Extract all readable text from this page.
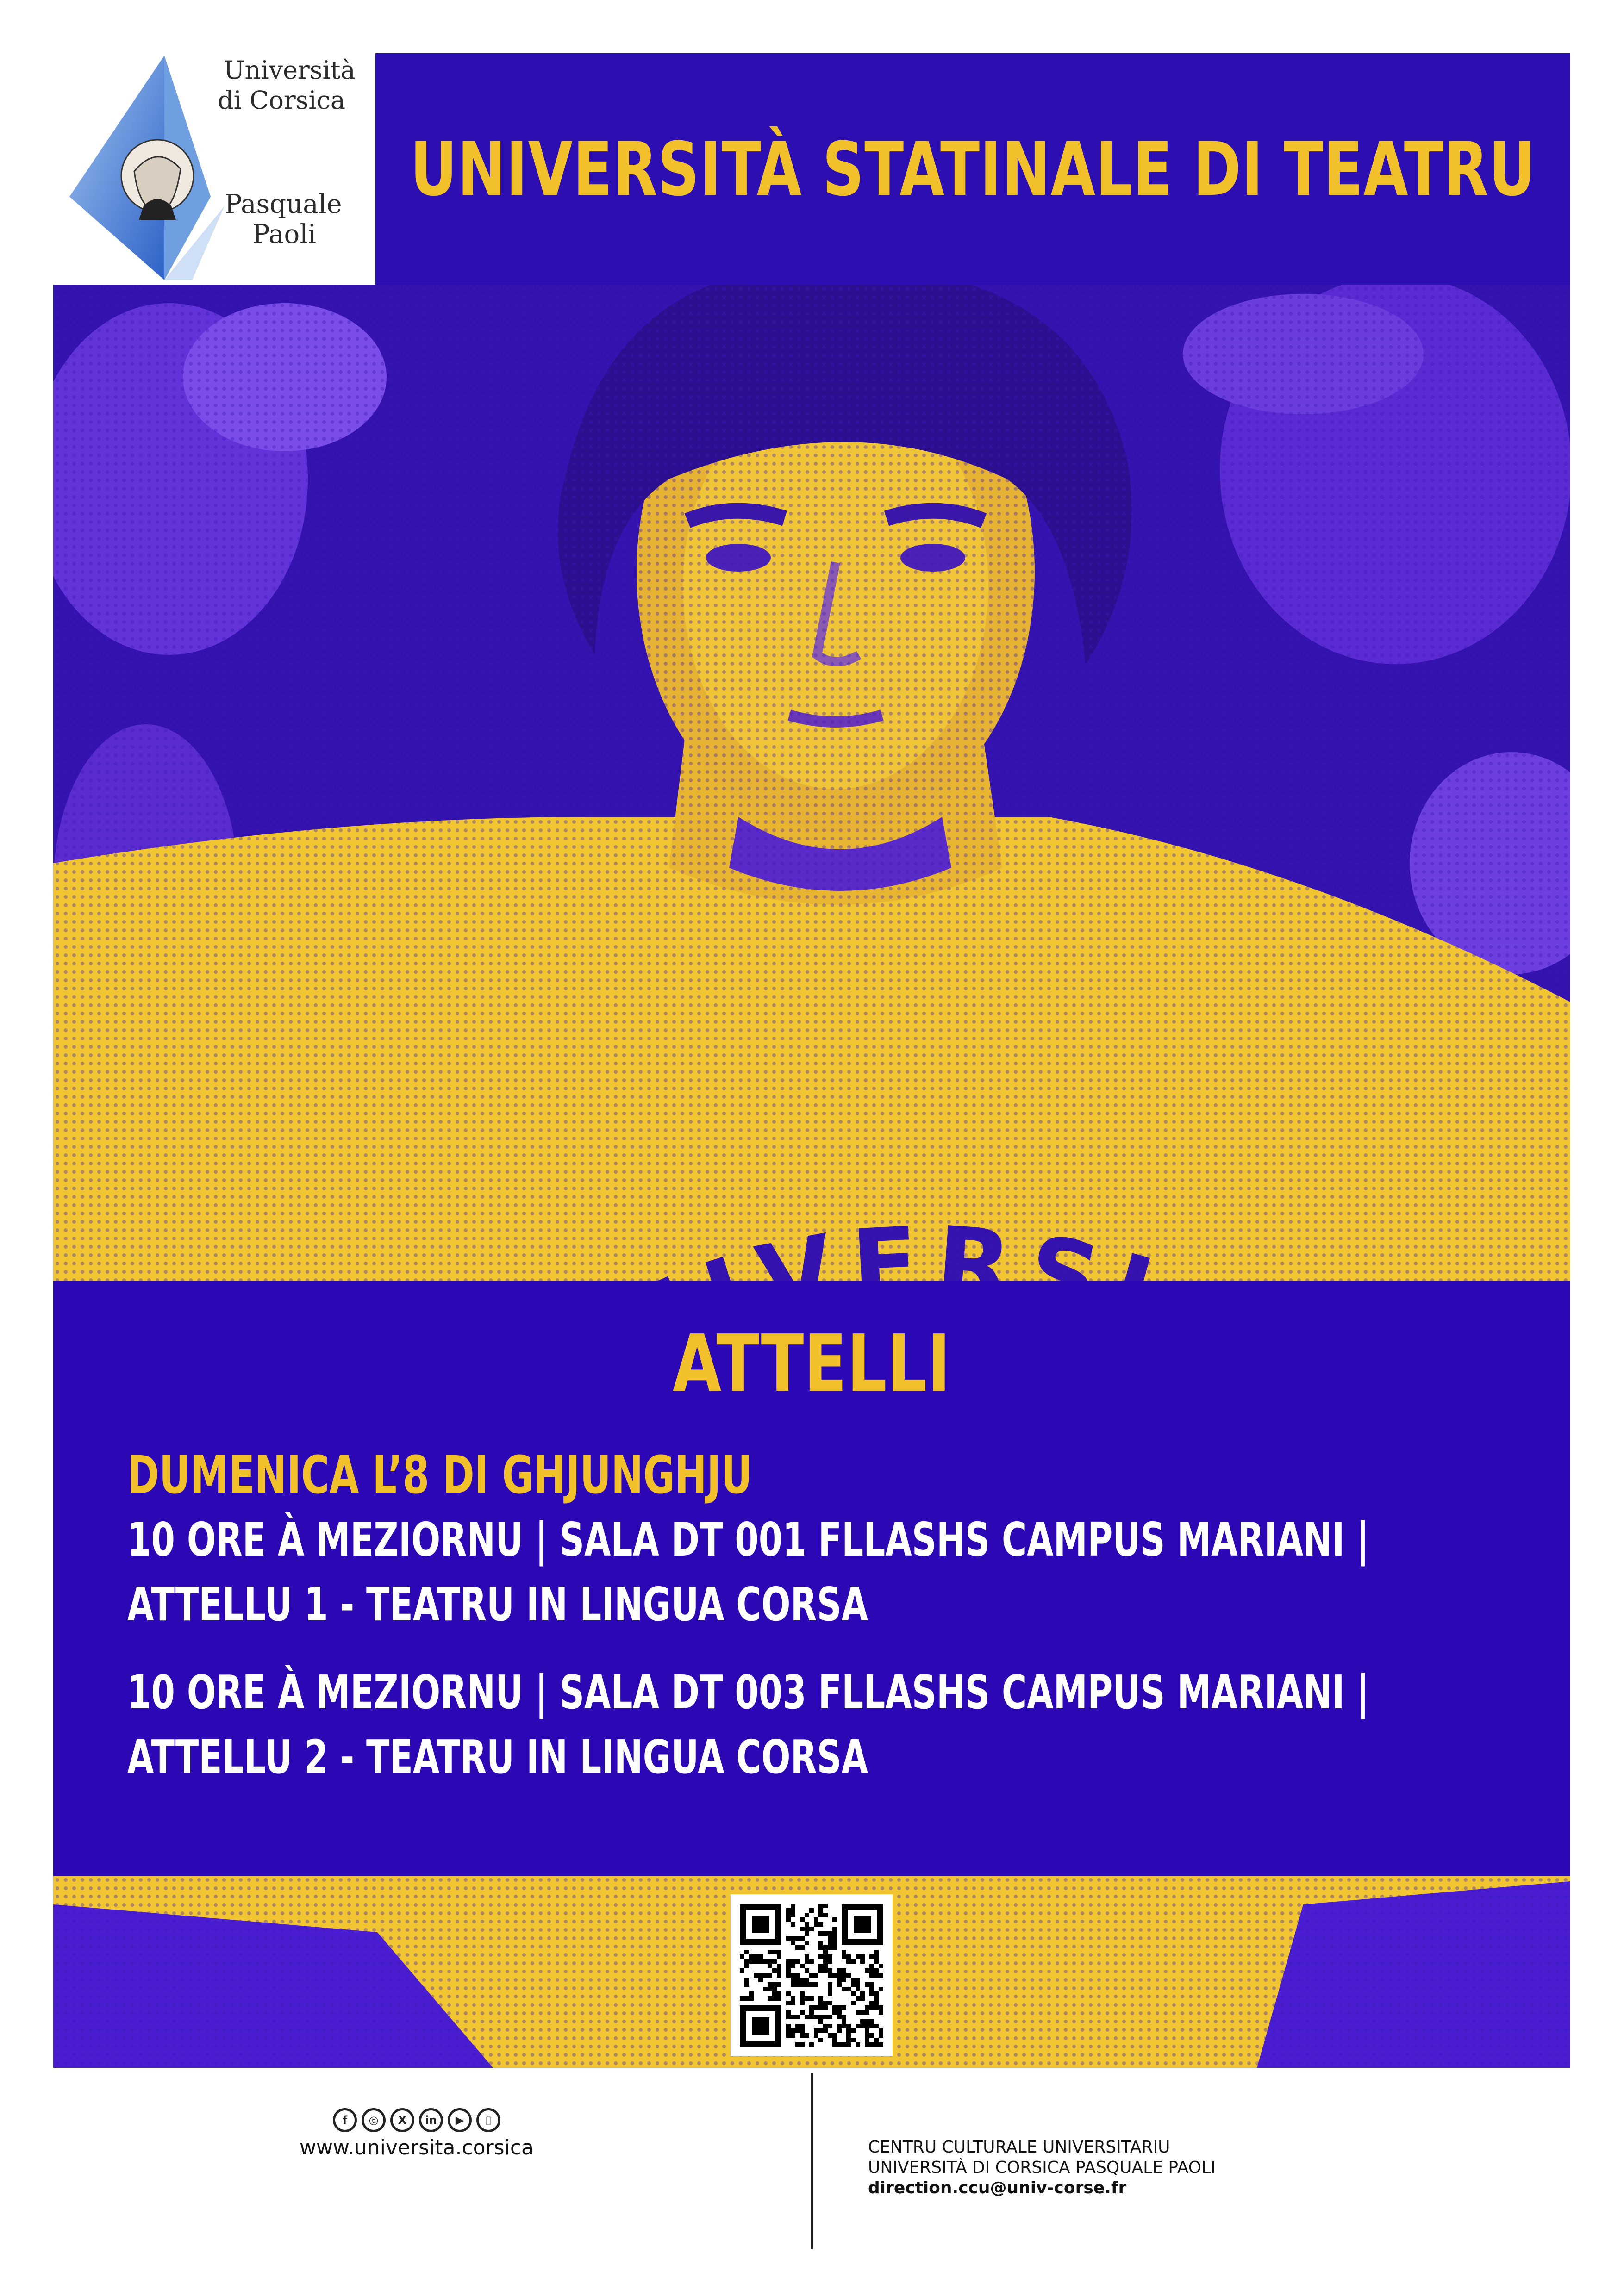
Università
di Corsica
Pasquale
Paoli
UNIVERSITÀ STATINALE DI TEATRU
ATTELLI
DUMENICA L’8 DI GHJUNGHJU
10 ORE À MEZIORNU | SALA DT 001 FLLASHS CAMPUS MARIANI |
ATTELLU 1 - TEATRU IN LINGUA CORSA
10 ORE À MEZIORNU | SALA DT 003 FLLASHS CAMPUS MARIANI |
ATTELLU 2 - TEATRU IN LINGUA CORSA
f	◎	X	in	▶	▯
www.universita.corsica	CENTRU CULTURALE UNIVERSITARIU
UNIVERSITÀ DI CORSICA PASQUALE PAOLI
direction.ccu@univ-corse.fr
